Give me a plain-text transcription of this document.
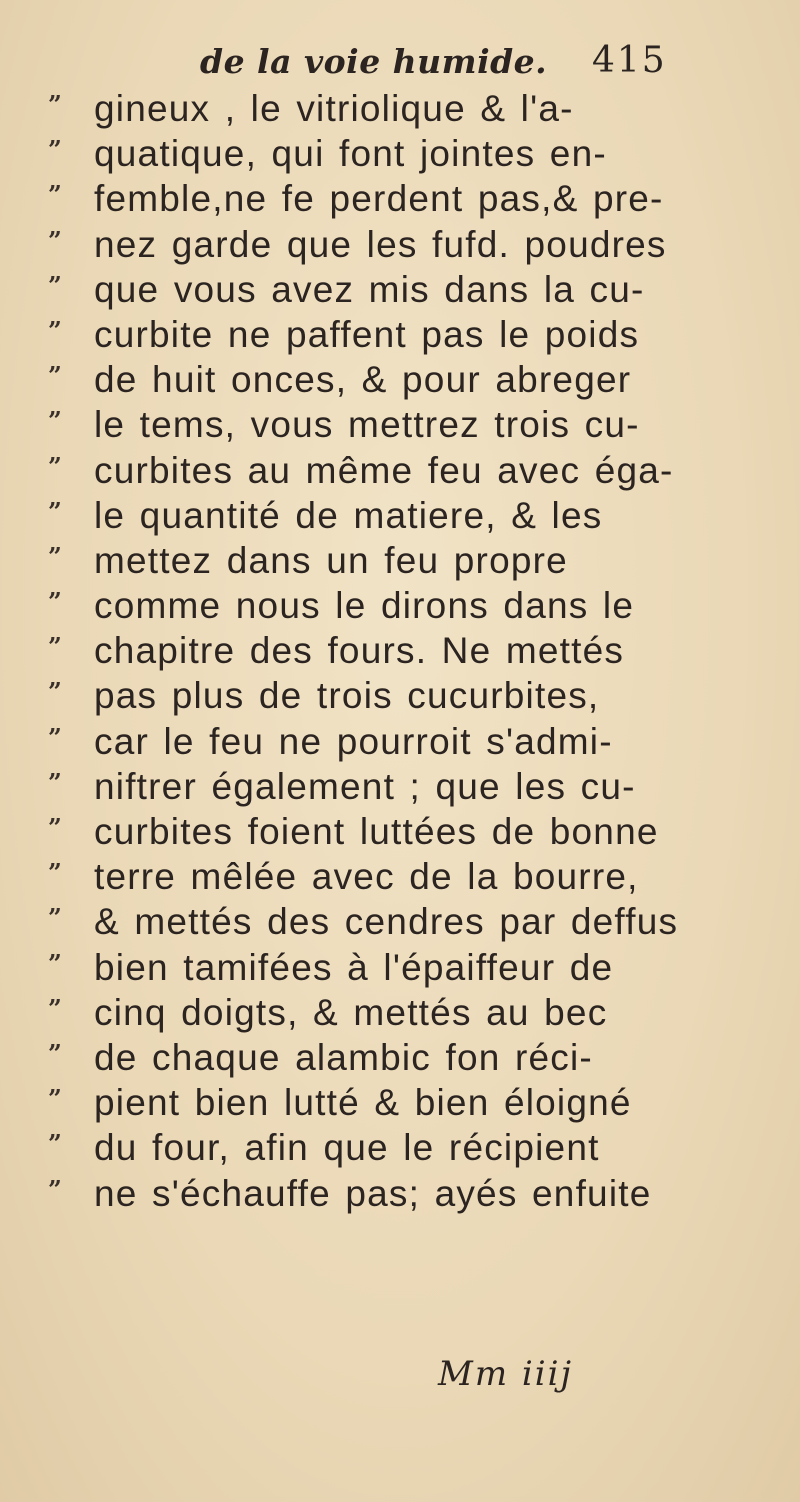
de la voie humide. 415
” gineux , le vitriolique & l'a-
” quatique, qui font jointes en-
” femble,ne fe perdent pas,& pre-
” nez garde que les fufd. poudres
” que vous avez mis dans la cu-
” curbite ne paffent pas le poids
” de huit onces, & pour abreger
” le tems, vous mettrez trois cu-
” curbites au même feu avec éga-
” le quantité de matiere, & les
” mettez dans un feu propre
” comme nous le dirons dans le
” chapitre des fours. Ne mettés
” pas plus de trois cucurbites,
” car le feu ne pourroit s'admi-
” niftrer également ; que les cu-
” curbites foient luttées de bonne
” terre mêlée avec de la bourre,
” & mettés des cendres par deffus
” bien tamifées à l'épaiffeur de
” cinq doigts, & mettés au bec
” de chaque alambic fon réci-
” pient bien lutté & bien éloigné
” du four, afin que le récipient
” ne s'échauffe pas; ayés enfuite
Mm iiij
